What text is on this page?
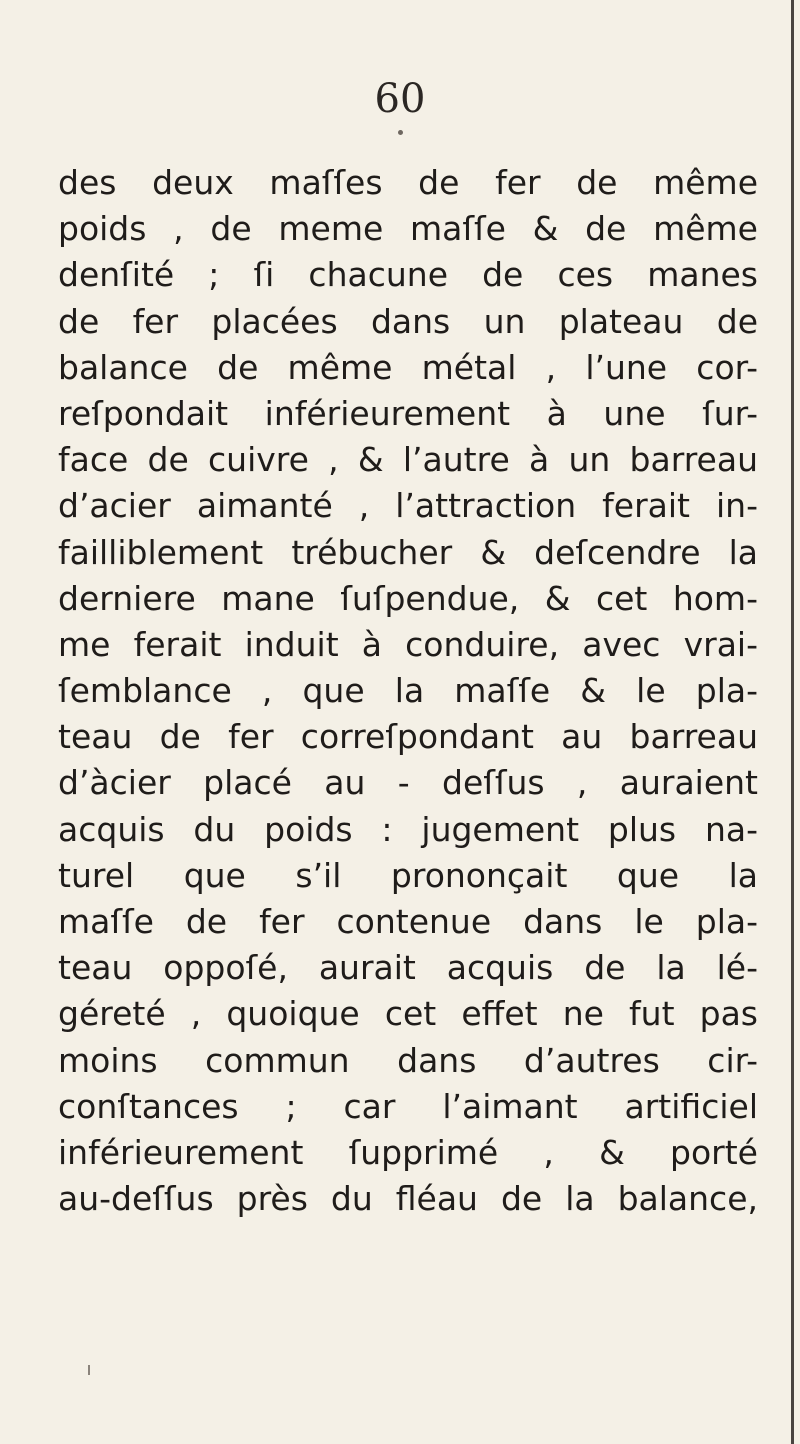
60
des deux maſſes de fer de même
poids , de meme maſſe & de même
denſité ; ſi chacune de ces manes
de fer placées dans un plateau de
balance de même métal , l’une cor-
reſpondait inférieurement à une ſur-
face de cuivre , & l’autre à un barreau
d’acier aimanté , l’attraction ferait in-
failliblement trébucher & deſcendre la
derniere mane ſuſpendue, & cet hom-
me ferait induit à conduire, avec vrai-
ſemblance , que la maſſe & le pla-
teau de fer correſpondant au barreau
d’àcier placé au - deſſus , auraient
acquis du poids : jugement plus na-
turel que s’il prononçait que la
maſſe de fer contenue dans le pla-
teau oppoſé, aurait acquis de la lé-
géreté , quoique cet effet ne fut pas
moins commun dans d’autres cir-
conſtances ; car l’aimant artificiel
inférieurement ſupprimé , & porté
au-deſſus près du fléau de la balance,
